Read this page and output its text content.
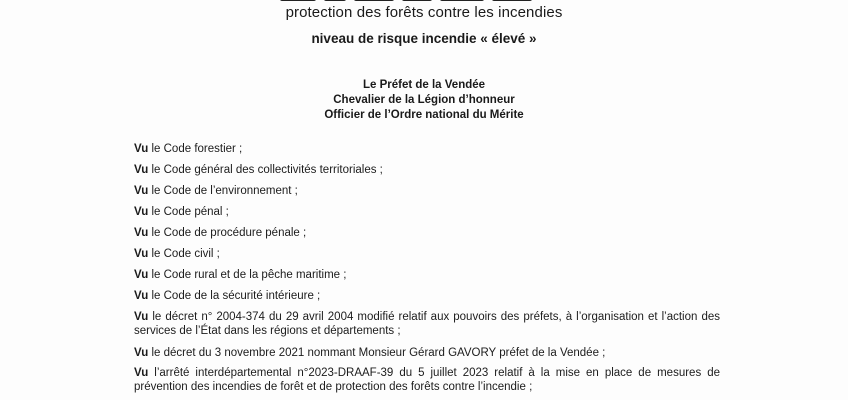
protection des forêts contre les incendies
niveau de risque incendie « élevé »
Le Préfet de la Vendée
Chevalier de la Légion d’honneur
Officier de l’Ordre national du Mérite
Vu le Code forestier ;
Vu le Code général des collectivités territoriales ;
Vu le Code de l’environnement ;
Vu le Code pénal ;
Vu le Code de procédure pénale ;
Vu le Code civil ;
Vu le Code rural et de la pêche maritime ;
Vu le Code de la sécurité intérieure ;
Vu le décret n° 2004-374 du 29 avril 2004 modifié relatif aux pouvoirs des préfets, à l’organisation et l’action des services de l’État dans les régions et départements ;
Vu le décret du 3 novembre 2021 nommant Monsieur Gérard GAVORY préfet de la Vendée ;
Vu l’arrêté interdépartemental n°2023-DRAAF-39 du 5 juillet 2023 relatif à la mise en place de mesures de prévention des incendies de forêt et de protection des forêts contre l’incendie ;
